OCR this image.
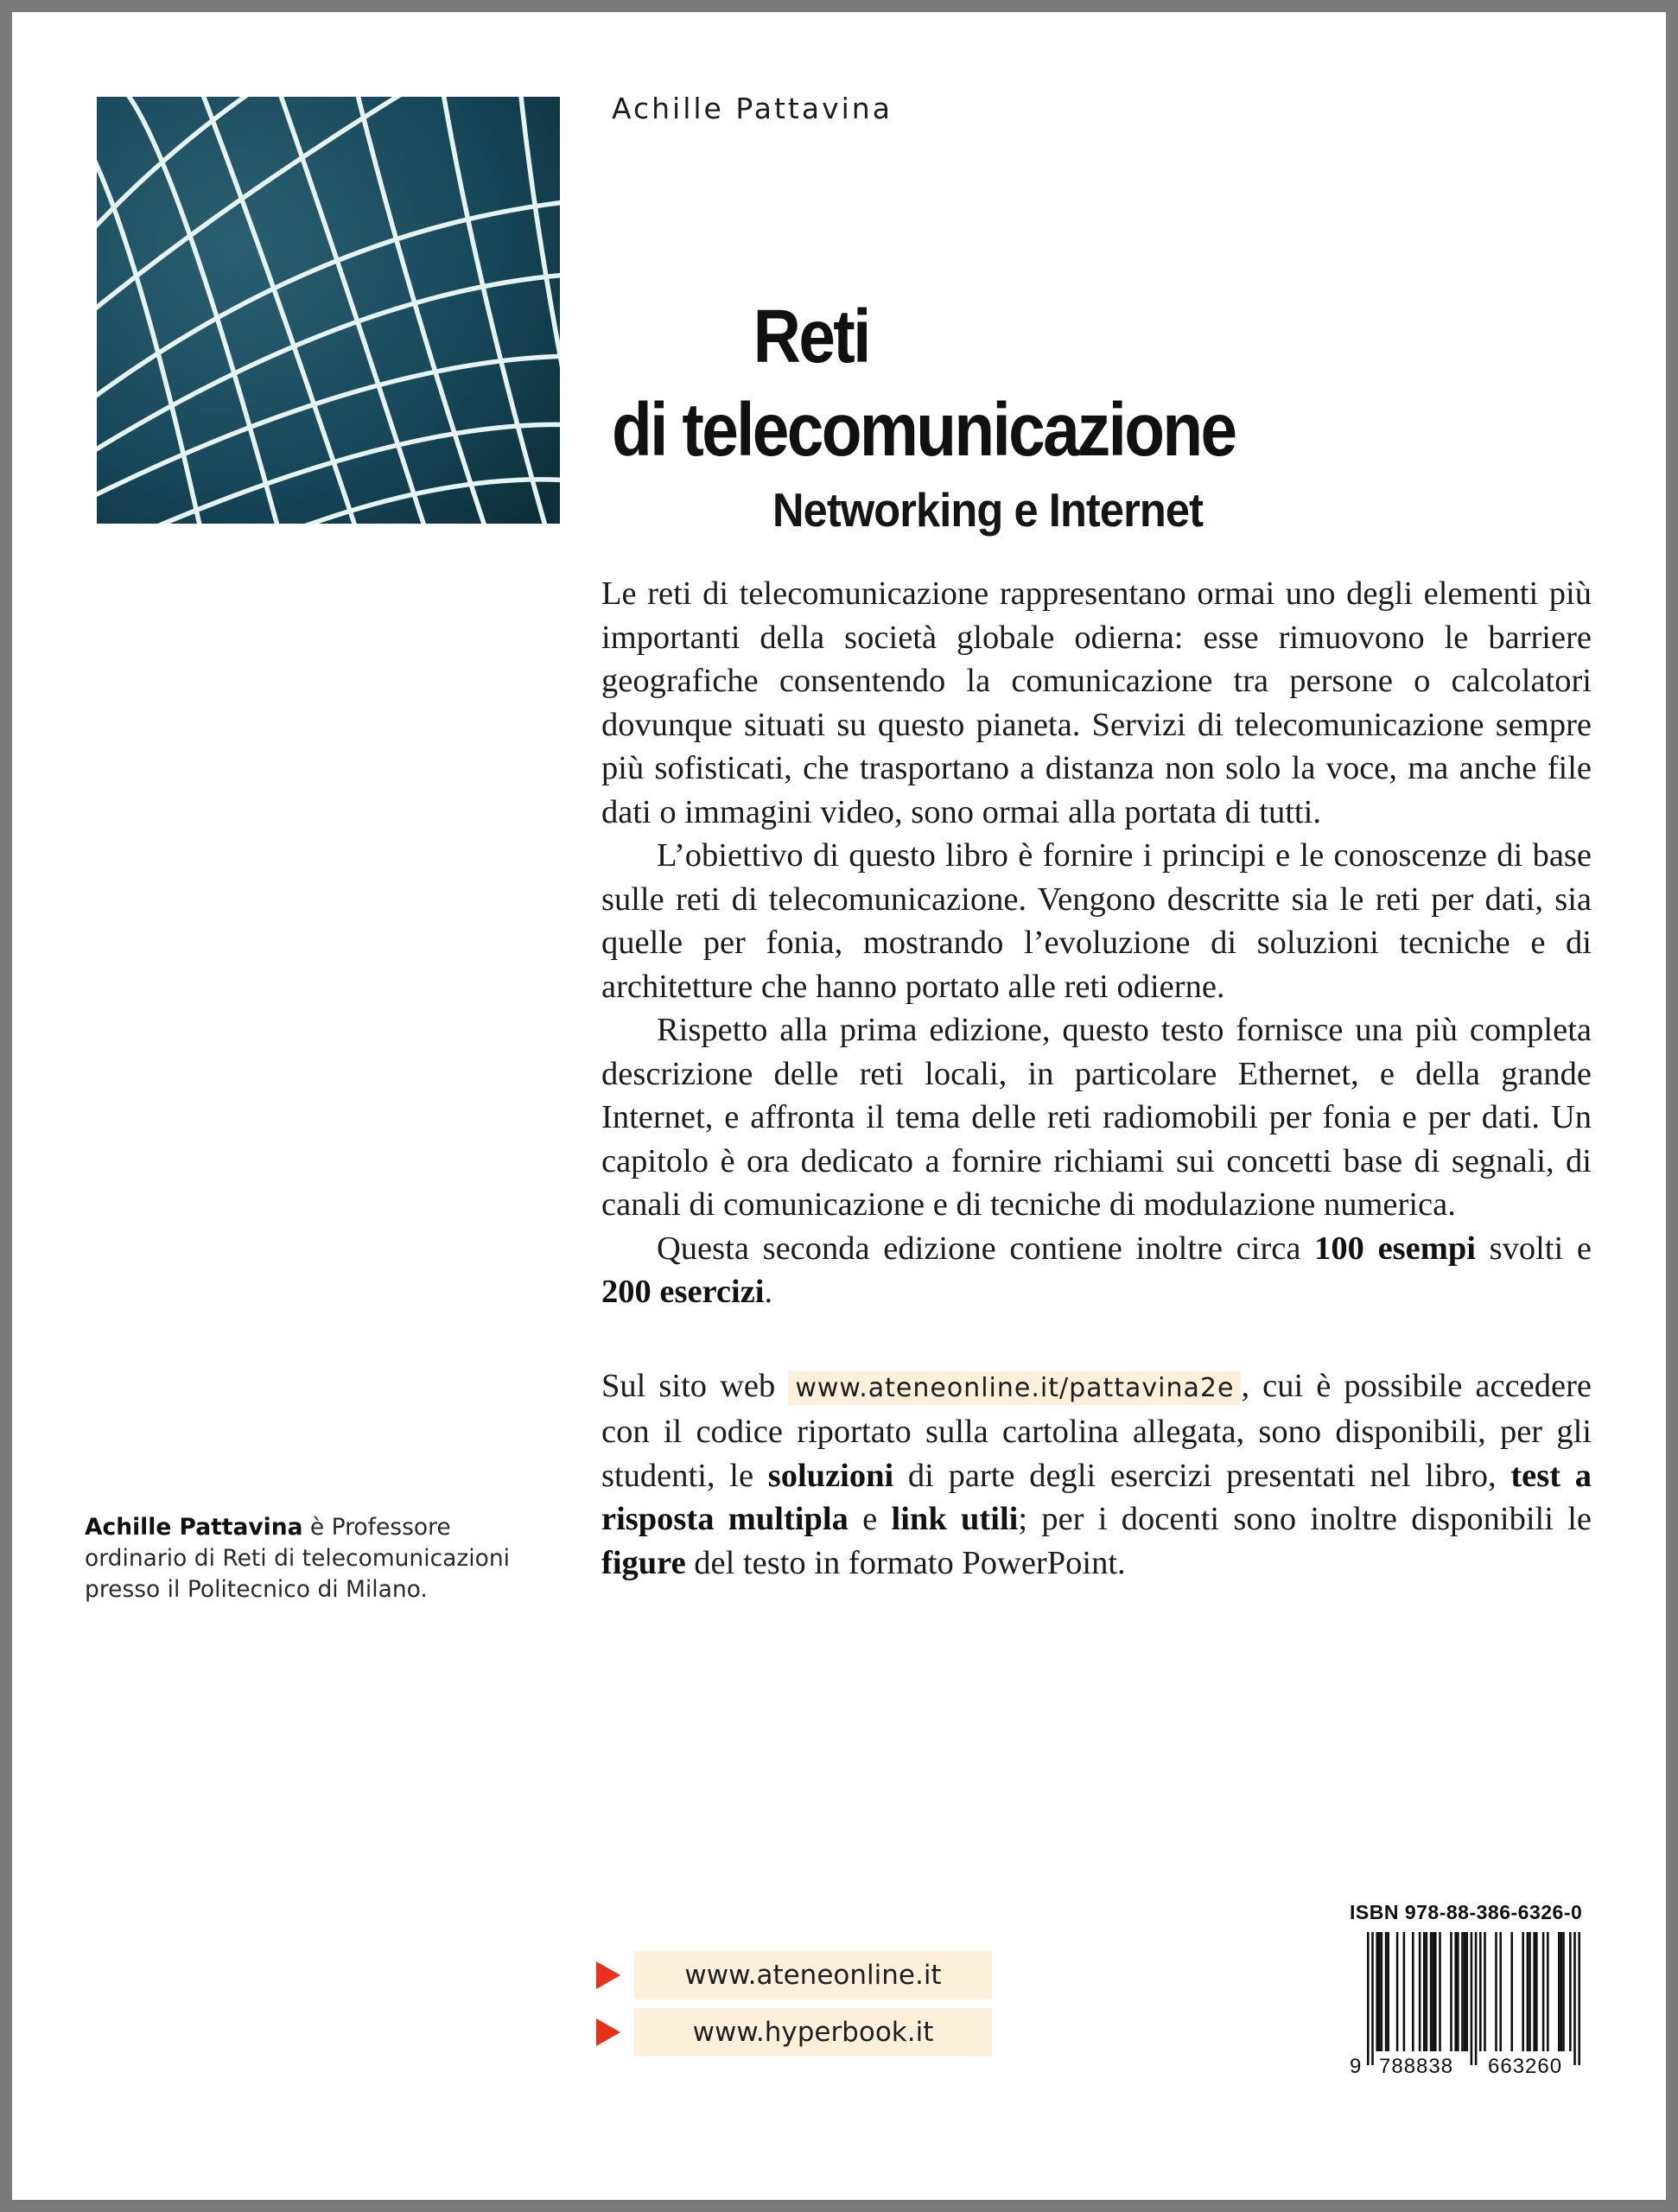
Achille Pattavina
Reti
di telecomunicazione
Networking e Internet

Le reti di telecomunicazione rappresentano ormai uno degli elementi più importanti della società globale odierna: esse rimuovono le barriere geografiche consentendo la comunicazione tra persone o calcolatori dovunque situati su questo pianeta. Servizi di telecomunicazione sempre più sofisticati, che trasportano a distanza non solo la voce, ma anche file dati o immagini video, sono ormai alla portata di tutti.

L’obiettivo di questo libro è fornire i principi e le conoscenze di base sulle reti di telecomunicazione. Vengono descritte sia le reti per dati, sia quelle per fonia, mostrando l’evoluzione di soluzioni tecniche e di architetture che hanno portato alle reti odierne.

Rispetto alla prima edizione, questo testo fornisce una più completa descrizione delle reti locali, in particolare Ethernet, e della grande Internet, e affronta il tema delle reti radiomobili per fonia e per dati. Un capitolo è ora dedicato a fornire richiami sui concetti base di segnali, di canali di comunicazione e di tecniche di modulazione numerica.

Questa seconda edizione contiene inoltre circa 100 esempi svolti e 200 esercizi.

Sul sito web www.ateneonline.it/pattavina2e , cui è possibile accedere con il codice riportato sulla cartolina allegata, sono disponibili, per gli studenti, le soluzioni di parte degli esercizi presentati nel libro, test a risposta multipla e link utili; per i docenti sono inoltre disponibili le figure del testo in formato PowerPoint.

Achille Pattavina è Professore ordinario di Reti di telecomunicazioni presso il Politecnico di Milano.
www.ateneonline.it
www.hyperbook.it
ISBN 978-88-386-6326-0
9 788838 663260
